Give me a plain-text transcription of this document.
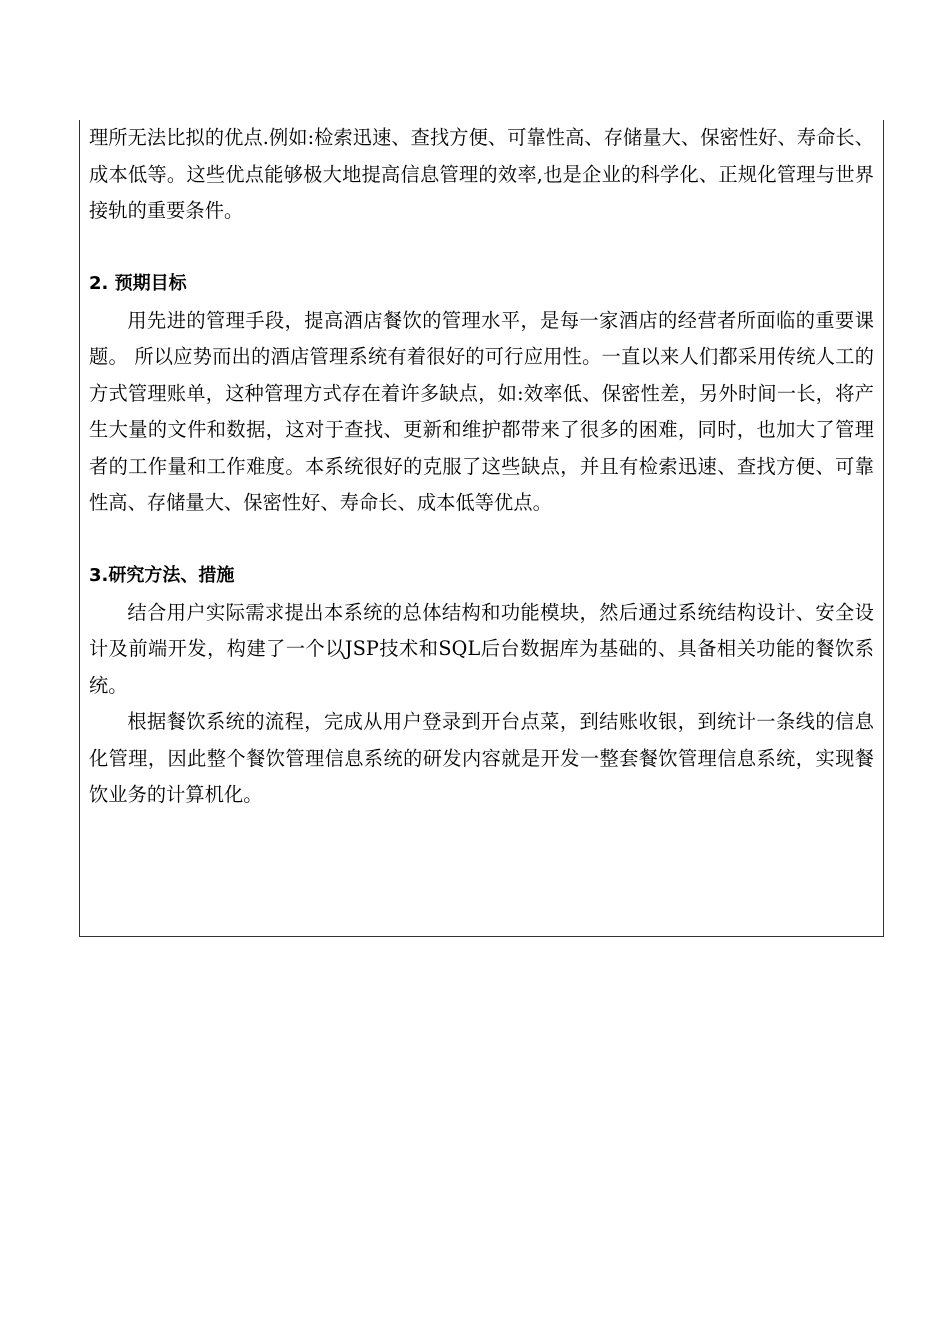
理所无法比拟的优点.例如:检索迅速、查找方便、可靠性高、存储量大、保密性好、寿命长、成本低等。这些优点能够极大地提高信息管理的效率,也是企业的科学化、正规化管理与世界接轨的重要条件。

2. 预期目标

用先进的管理手段，提高酒店餐饮的管理水平，是每一家酒店的经营者所面临的重要课题。 所以应势而出的酒店管理系统有着很好的可行应用性。一直以来人们都采用传统人工的方式管理账单，这种管理方式存在着许多缺点，如:效率低、保密性差，另外时间一长，将产生大量的文件和数据，这对于查找、更新和维护都带来了很多的困难，同时，也加大了管理者的工作量和工作难度。本系统很好的克服了这些缺点，并且有检索迅速、查找方便、可靠性高、存储量大、保密性好、寿命长、成本低等优点。

3.研究方法、措施

结合用户实际需求提出本系统的总体结构和功能模块，然后通过系统结构设计、安全设计及前端开发，构建了一个以JSP技术和SQL后台数据库为基础的、具备相关功能的餐饮系统。

根据餐饮系统的流程，完成从用户登录到开台点菜，到结账收银，到统计一条线的信息化管理，因此整个餐饮管理信息系统的研发内容就是开发一整套餐饮管理信息系统，实现餐饮业务的计算机化。
